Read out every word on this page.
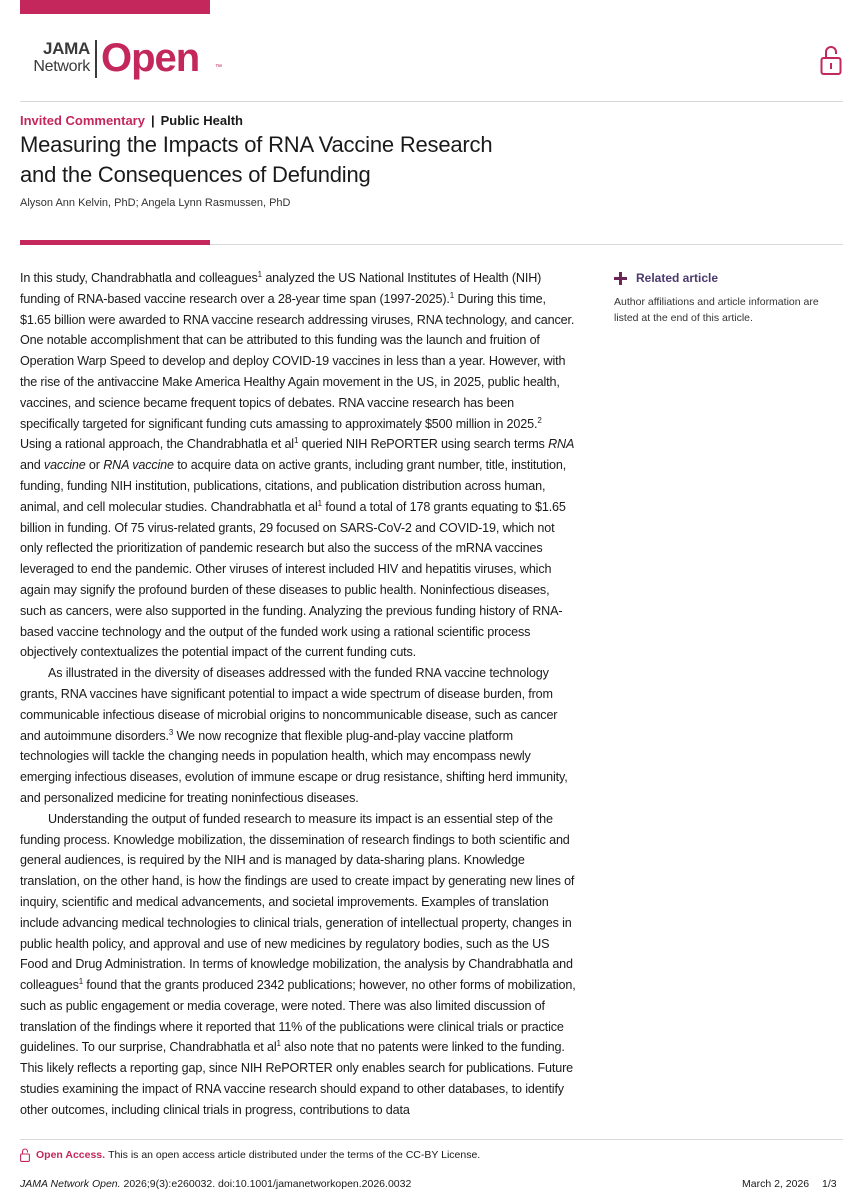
JAMA
Network Open ™
Invited Commentary | Public Health
Measuring the Impacts of RNA Vaccine Research
and the Consequences of Defunding
Alyson Ann Kelvin, PhD; Angela Lynn Rasmussen, PhD

In this study, Chandrabhatla and colleagues$^1$ analyzed the US National Institutes of Health (NIH) funding of RNA-based vaccine research over a 28-year time span (1997-2025).$^1$ During this time, $1.65 billion were awarded to RNA vaccine research addressing viruses, RNA technology, and cancer. One notable accomplishment that can be attributed to this funding was the launch and fruition of Operation Warp Speed to develop and deploy COVID-19 vaccines in less than a year. However, with the rise of the antivaccine Make America Healthy Again movement in the US, in 2025, public health, vaccines, and science became frequent topics of debates. RNA vaccine research has been specifically targeted for significant funding cuts amassing to approximately $500 million in 2025.$^2$ Using a rational approach, the Chandrabhatla et $al^1$ queried NIH RePORTER using search terms RNA and vaccine or RNA vaccine to acquire data on active grants, including grant number, title, institution, funding, funding NIH institution, publications, citations, and publication distribution across human, animal, and cell molecular studies. Chandrabhatla et $al^1$ found a total of 178 grants equating to $1.65 billion in funding. Of 75 virus-related grants, 29 focused on SARS-CoV-2 and COVID-19, which not only reflected the prioritization of pandemic research but also the success of the mRNA vaccines leveraged to end the pandemic. Other viruses of interest included HIV and hepatitis viruses, which again may signify the profound burden of these diseases to public health. Noninfectious diseases, such as cancers, were also supported in the funding. Analyzing the previous funding history of RNA-based vaccine technology and the output of the funded work using a rational scientific process objectively contextualizes the potential impact of the current funding cuts.

As illustrated in the diversity of diseases addressed with the funded RNA vaccine technology grants, RNA vaccines have significant potential to impact a wide spectrum of disease burden, from communicable infectious disease of microbial origins to noncommunicable disease, such as cancer and autoimmune disorders.$^3$ We now recognize that flexible plug-and-play vaccine platform technologies will tackle the changing needs in population health, which may encompass newly emerging infectious diseases, evolution of immune escape or drug resistance, shifting herd immunity, and personalized medicine for treating noninfectious diseases.

Understanding the output of funded research to measure its impact is an essential step of the funding process. Knowledge mobilization, the dissemination of research findings to both scientific and general audiences, is required by the NIH and is managed by data-sharing plans. Knowledge translation, on the other hand, is how the findings are used to create impact by generating new lines of inquiry, scientific and medical advancements, and societal improvements. Examples of translation include advancing medical technologies to clinical trials, generation of intellectual property, changes in public health policy, and approval and use of new medicines by regulatory bodies, such as the US Food and Drug Administration. In terms of knowledge mobilization, the analysis by Chandrabhatla and colleagues$^1$ found that the grants produced 2342 publications; however, no other forms of mobilization, such as public engagement or media coverage, were noted. There was also limited discussion of translation of the findings where it reported that 11% of the publications were clinical trials or practice guidelines. To our surprise, Chandrabhatla et $al^1$ also note that no patents were linked to the funding. This likely reflects a reporting gap, since NIH RePORTER only enables search for publications. Future studies examining the impact of RNA vaccine research should expand to other databases, to identify other outcomes, including clinical trials in progress, contributions to data

Related article
Author affiliations and article information are listed at the end of this article.
Open Access. This is an open access article distributed under the terms of the CC-BY License.
JAMA Network Open. 2026;9(3):e260032. doi:10.1001/jamanetworkopen.2026.0032	March 2, 2026 1/3
